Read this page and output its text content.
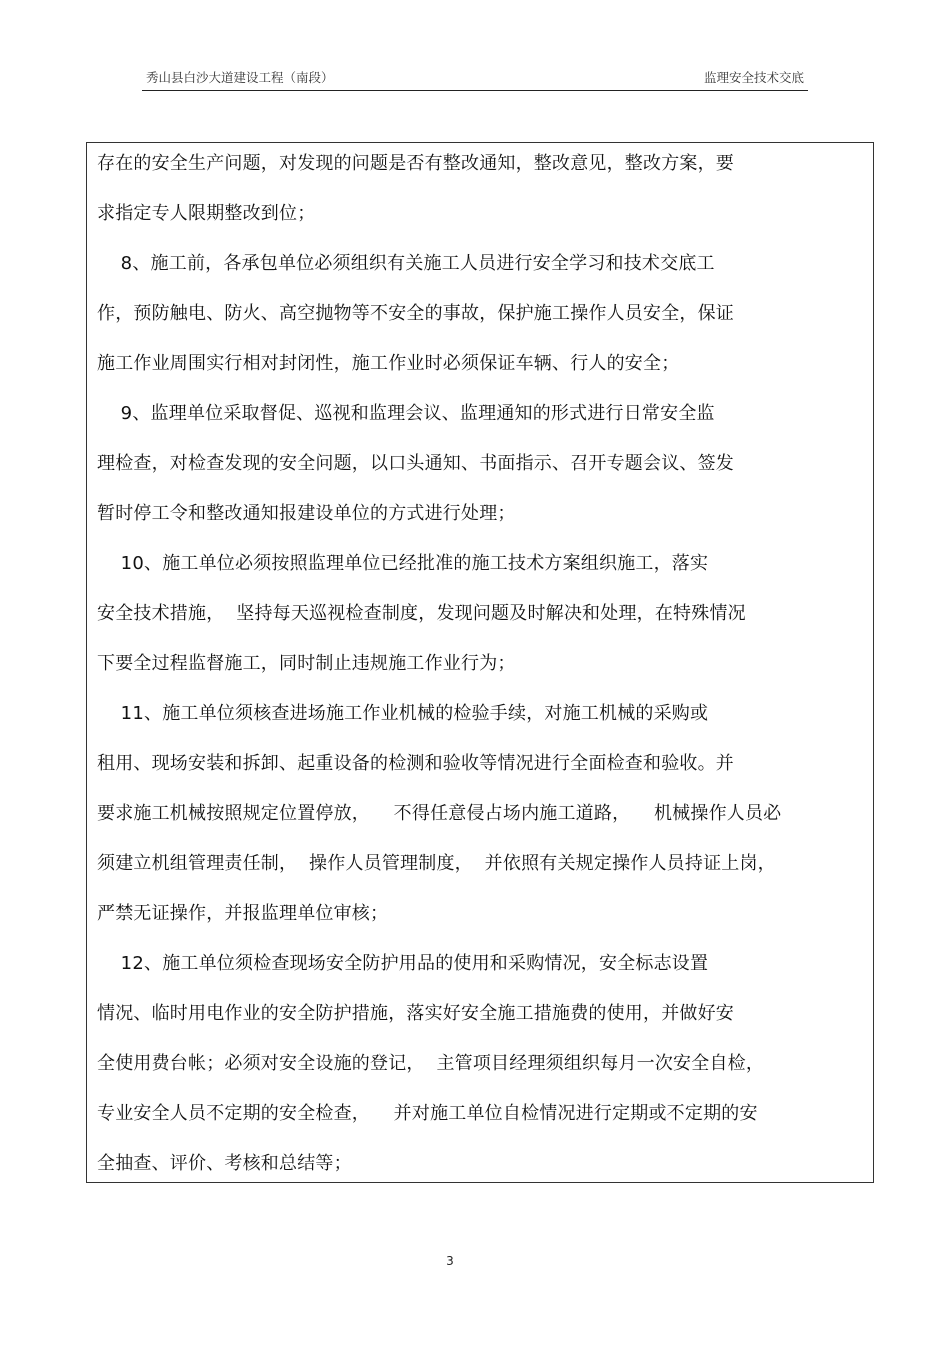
秀山县白沙大道建设工程（南段）	监理安全技术交底
存在的安全生产问题，对发现的问题是否有整改通知，整改意见，整改方案，要
求指定专人限期整改到位；
8、施工前，各承包单位必须组织有关施工人员进行安全学习和技术交底工
作，预防触电、防火、高空抛物等不安全的事故，保护施工操作人员安全，保证
施工作业周围实行相对封闭性，施工作业时必须保证车辆、行人的安全；
9、监理单位采取督促、巡视和监理会议、监理通知的形式进行日常安全监
理检查，对检查发现的安全问题，以口头通知、书面指示、召开专题会议、签发
暂时停工令和整改通知报建设单位的方式进行处理；
10、施工单位必须按照监理单位已经批准的施工技术方案组织施工，落实
安全技术措施，  坚持每天巡视检查制度，发现问题及时解决和处理，在特殊情况
下要全过程监督施工，同时制止违规施工作业行为；
11、施工单位须核查进场施工作业机械的检验手续，对施工机械的采购或
租用、现场安装和拆卸、起重设备的检测和验收等情况进行全面检查和验收。并
要求施工机械按照规定位置停放，    不得任意侵占场内施工道路，    机械操作人员必
须建立机组管理责任制，  操作人员管理制度，  并依照有关规定操作人员持证上岗，
严禁无证操作，并报监理单位审核；
12、施工单位须检查现场安全防护用品的使用和采购情况，安全标志设置
情况、临时用电作业的安全防护措施，落实好安全施工措施费的使用，并做好安
全使用费台帐；必须对安全设施的登记，  主管项目经理须组织每月一次安全自检，
专业安全人员不定期的安全检查，    并对施工单位自检情况进行定期或不定期的安
全抽查、评价、考核和总结等；
3
